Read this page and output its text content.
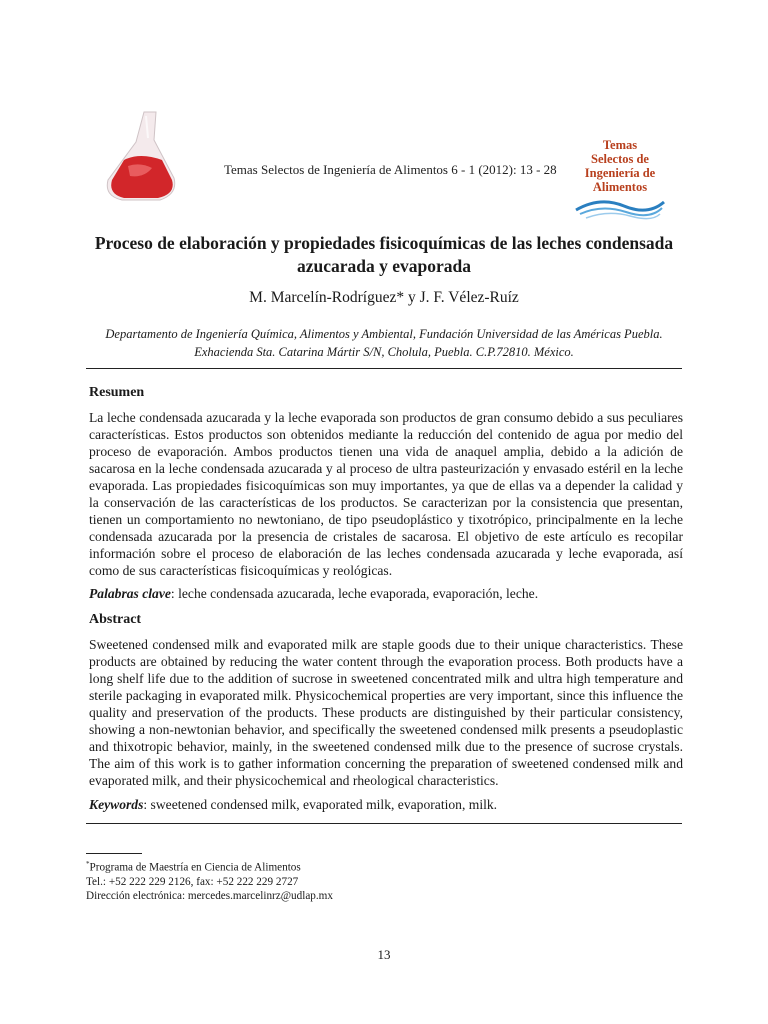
Temas Selectos de Ingeniería de Alimentos 6 - 1 (2012): 13 - 28
Temas
Selectos de
Ingeniería de
Alimentos
Proceso de elaboración y propiedades fisicoquímicas de las leches condensada azucarada y evaporada
M. Marcelín-Rodríguez* y J. F. Vélez-Ruíz
Departamento de Ingeniería Química, Alimentos y Ambiental, Fundación Universidad de las Américas Puebla.
Exhacienda Sta. Catarina Mártir S/N, Cholula, Puebla. C.P.72810. México.
Resumen

La leche condensada azucarada y la leche evaporada son productos de gran consumo debido a sus peculiares características. Estos productos son obtenidos mediante la reducción del contenido de agua por medio del proceso de evaporación. Ambos productos tienen una vida de anaquel amplia, debido a la adición de sacarosa en la leche condensada azucarada y al proceso de ultra pasteurización y envasado estéril en la leche evaporada. Las propiedades fisicoquímicas son muy importantes, ya que de ellas va a depender la calidad y la conservación de las características de los productos. Se caracterizan por la consistencia que presentan, tienen un comportamiento no newtoniano, de tipo pseudoplástico y tixotrópico, principalmente en la leche condensada azucarada por la presencia de cristales de sacarosa. El objetivo de este artículo es recopilar información sobre el proceso de elaboración de las leches condensada azucarada y leche evaporada, así como de sus características fisicoquímicas y reológicas.

Palabras clave: leche condensada azucarada, leche evaporada, evaporación, leche.
Abstract

Sweetened condensed milk and evaporated milk are staple goods due to their unique characteristics. These products are obtained by reducing the water content through the evaporation process. Both products have a long shelf life due to the addition of sucrose in sweetened concentrated milk and ultra high temperature and sterile packaging in evaporated milk. Physicochemical properties are very important, since this influence the quality and preservation of the products. These products are distinguished by their particular consistency, showing a non-newtonian behavior, and specifically the sweetened condensed milk presents a pseudoplastic and thixotropic behavior, mainly, in the sweetened condensed milk due to the presence of sucrose crystals. The aim of this work is to gather information concerning the preparation of sweetened condensed milk and evaporated milk, and their physicochemical and rheological characteristics.

Keywords: sweetened condensed milk, evaporated milk, evaporation, milk.
*Programa de Maestría en Ciencia de Alimentos
Tel.: +52 222 229 2126, fax: +52 222 229 2727
Dirección electrónica: mercedes.marcelinrz@udlap.mx
13
